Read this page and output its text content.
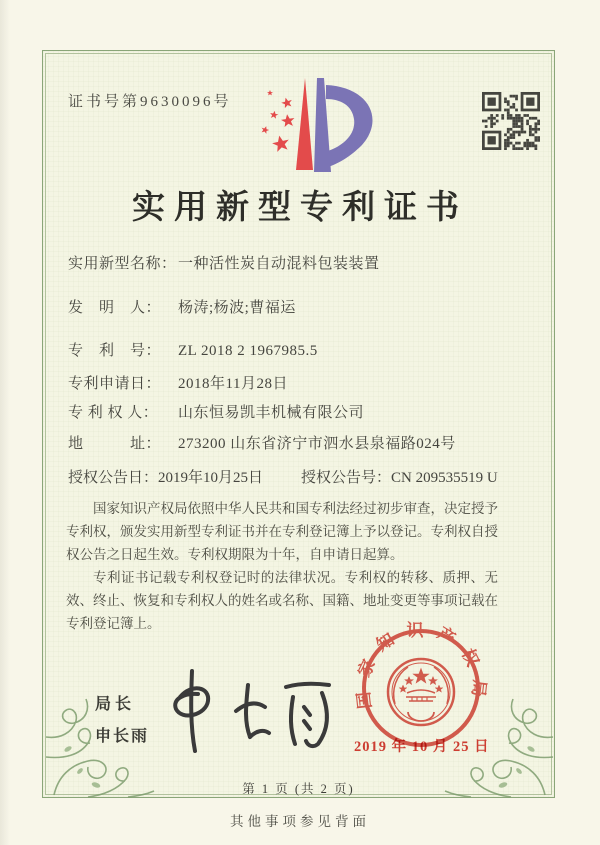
证书号第9630096号
实用新型专利证书
实用新型名称：一种活性炭自动混料包装装置
发　明　人： 杨涛;杨波;曹福运
专　利　号： ZL 2018 2 1967985.5
专利申请日： 2018年11月28日
专 利 权 人： 山东恒易凯丰机械有限公司
地　　　址： 273200 山东省济宁市泗水县泉福路024号
授权公告日：2019年10月25日	授权公告号：CN 209535519 U

国家知识产权局依照中华人民共和国专利法经过初步审查，决定授予专利权，颁发实用新型专利证书并在专利登记簿上予以登记。专利权自授权公告之日起生效。专利权期限为十年，自申请日起算。

专利证书记载专利权登记时的法律状况。专利权的转移、质押、无效、终止、恢复和专利权人的姓名或名称、国籍、地址变更等事项记载在专利登记簿上。

局长
申长雨
国家知识产权局
2019 年 10 月 25 日
第 1 页 (共 2 页)
其他事项参见背面
